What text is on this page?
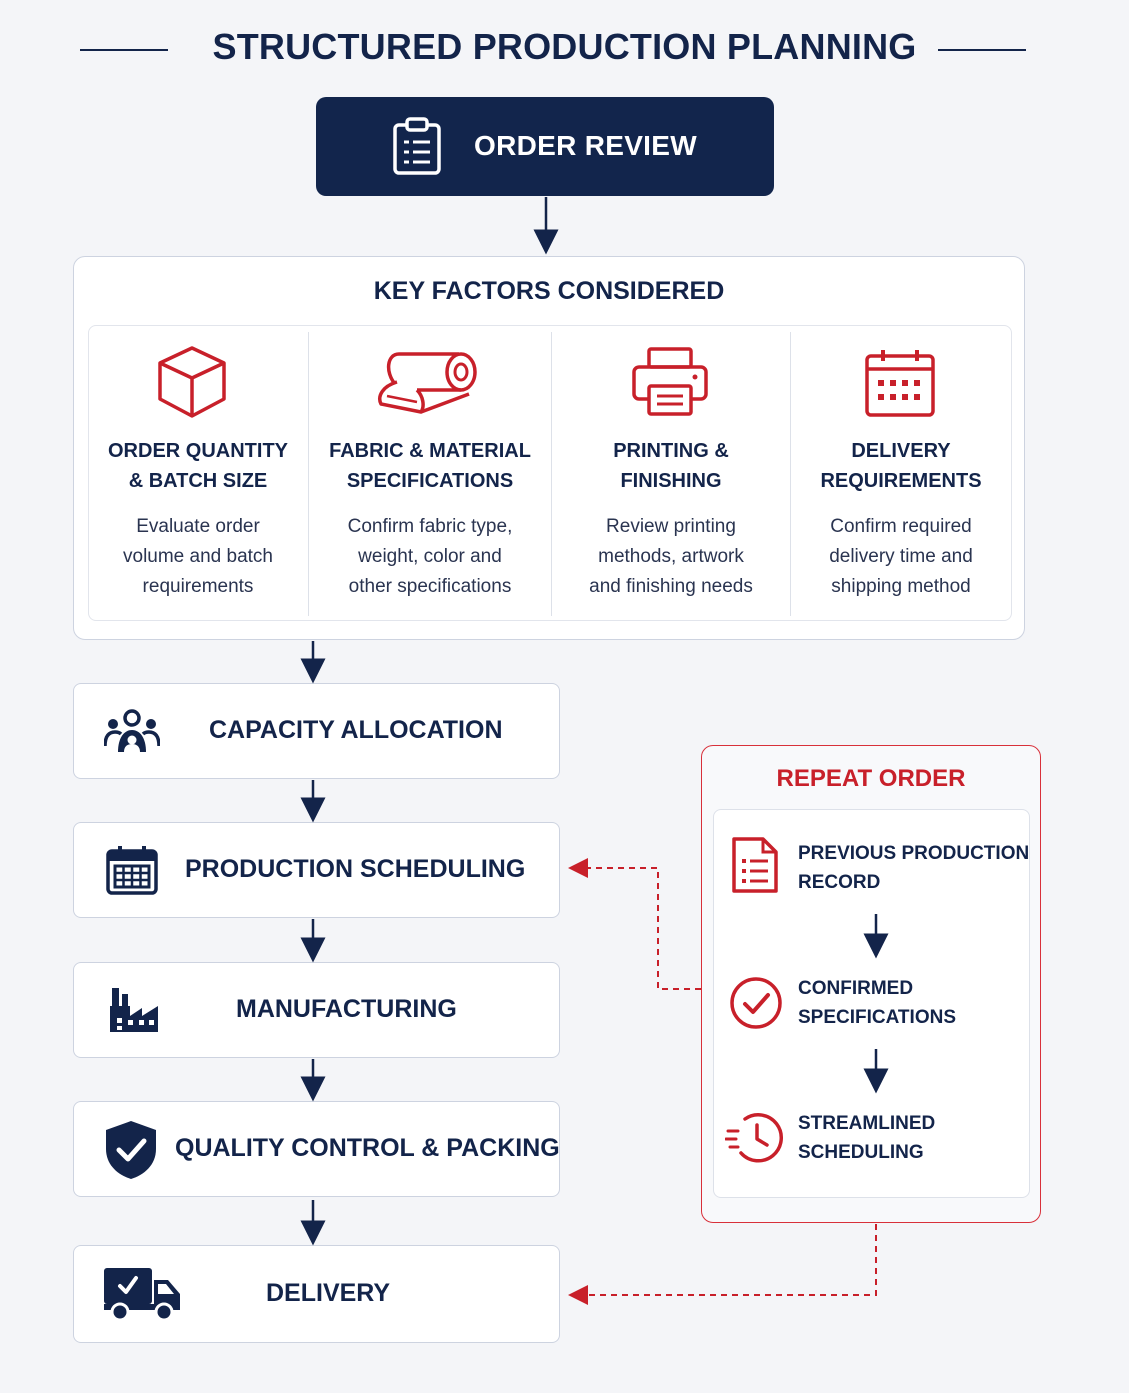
STRUCTURED PRODUCTION PLANNING
ORDER REVIEW
KEY FACTORS CONSIDERED
ORDER QUANTITY
& BATCH SIZE
Evaluate order
volume and batch
requirements
FABRIC & MATERIAL
SPECIFICATIONS
Confirm fabric type,
weight, color and
other specifications
PRINTING &
FINISHING
Review printing
methods, artwork
and finishing needs
DELIVERY
REQUIREMENTS
Confirm required
delivery time and
shipping method
CAPACITY ALLOCATION
PRODUCTION SCHEDULING
MANUFACTURING
QUALITY CONTROL & PACKING
DELIVERY
REPEAT ORDER
PREVIOUS PRODUCTION
RECORD
CONFIRMED
SPECIFICATIONS
STREAMLINED
SCHEDULING
